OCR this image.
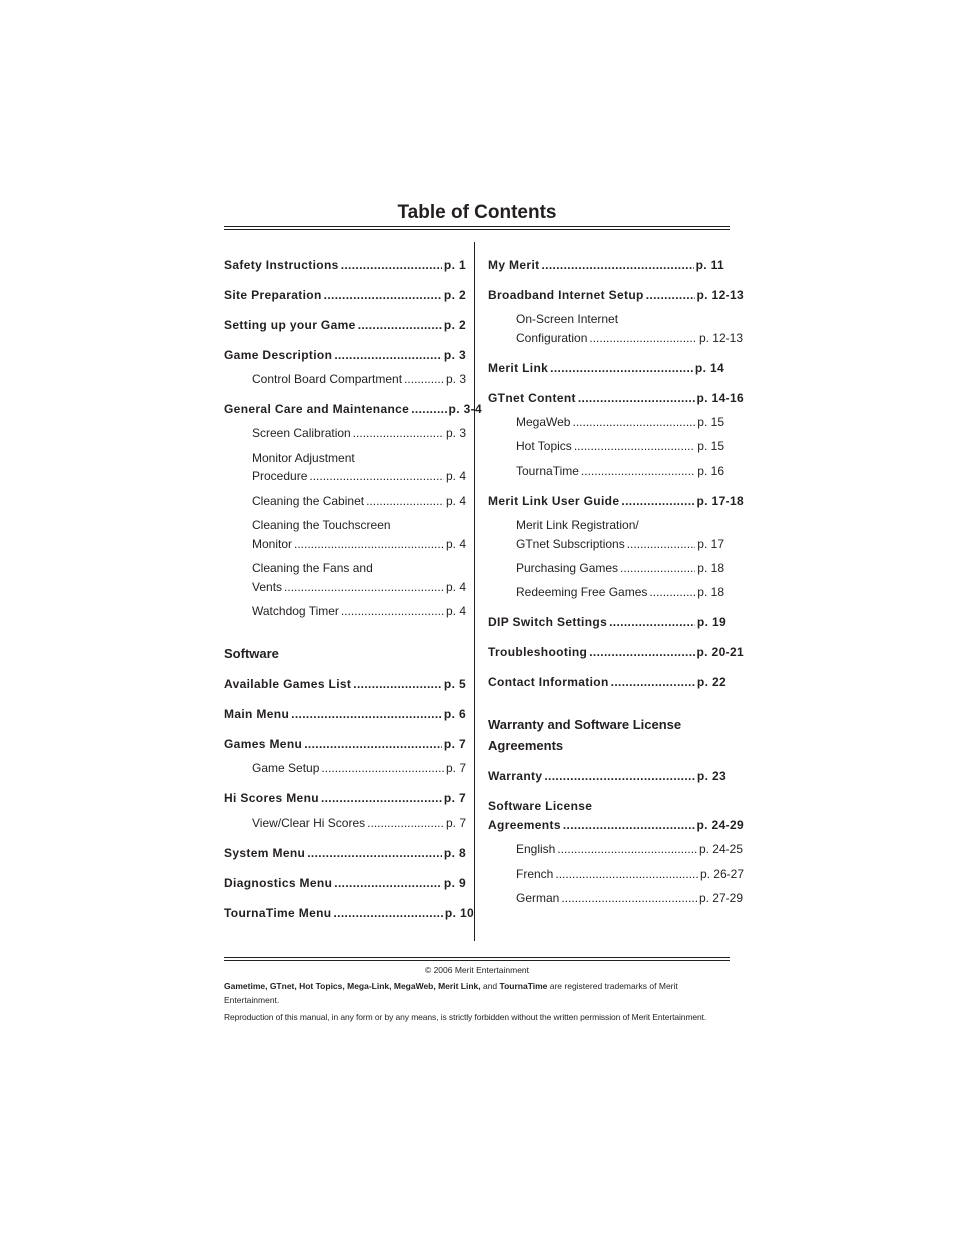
Table of Contents
Safety Instructions .....	p. 1
Site Preparation .....	p. 2
Setting up your Game .....	p. 2
Game Description .....	p. 3
Control Board Compartment .....	p. 3
General Care and Maintenance .....	p. 3-4
Screen Calibration .....	p. 3
Monitor Adjustment
Procedure .....	p. 4
Cleaning the Cabinet .....	p. 4
Cleaning the Touchscreen
Monitor .....	p. 4
Cleaning the Fans and
Vents .....	p. 4
Watchdog Timer .....	p. 4
Software
Available Games List .....	p. 5
Main Menu .....	p. 6
Games Menu .....	p. 7
Game Setup .....	p. 7
Hi Scores Menu .....	p. 7
View/Clear Hi Scores .....	p. 7
System Menu .....	p. 8
Diagnostics Menu .....	p. 9
TournaTime Menu .....	p. 10
My Merit .....	p. 11
Broadband Internet Setup .....	p. 12-13
On-Screen Internet
Configuration .....	p. 12-13
Merit Link .....	p. 14
GTnet Content .....	p. 14-16
MegaWeb .....	p. 15
Hot Topics .....	p. 15
TournaTime .....	p. 16
Merit Link User Guide .....	p. 17-18
Merit Link Registration/
GTnet Subscriptions .....	p. 17
Purchasing Games .....	p. 18
Redeeming Free Games .....	p. 18
DIP Switch Settings .....	p. 19
Troubleshooting .....	p. 20-21
Contact Information .....	p. 22
Warranty and Software License
Agreements
Warranty .....	p. 23
Software License
Agreements .....	p. 24-29
English .....	p. 24-25
French .....	p. 26-27
German .....	p. 27-29
© 2006 Merit Entertainment
Gametime, GTnet, Hot Topics, Mega-Link, MegaWeb, Merit Link, and TournaTime are registered trademarks of Merit Entertainment.
Reproduction of this manual, in any form or by any means, is strictly forbidden without the written permission of Merit Entertainment.
